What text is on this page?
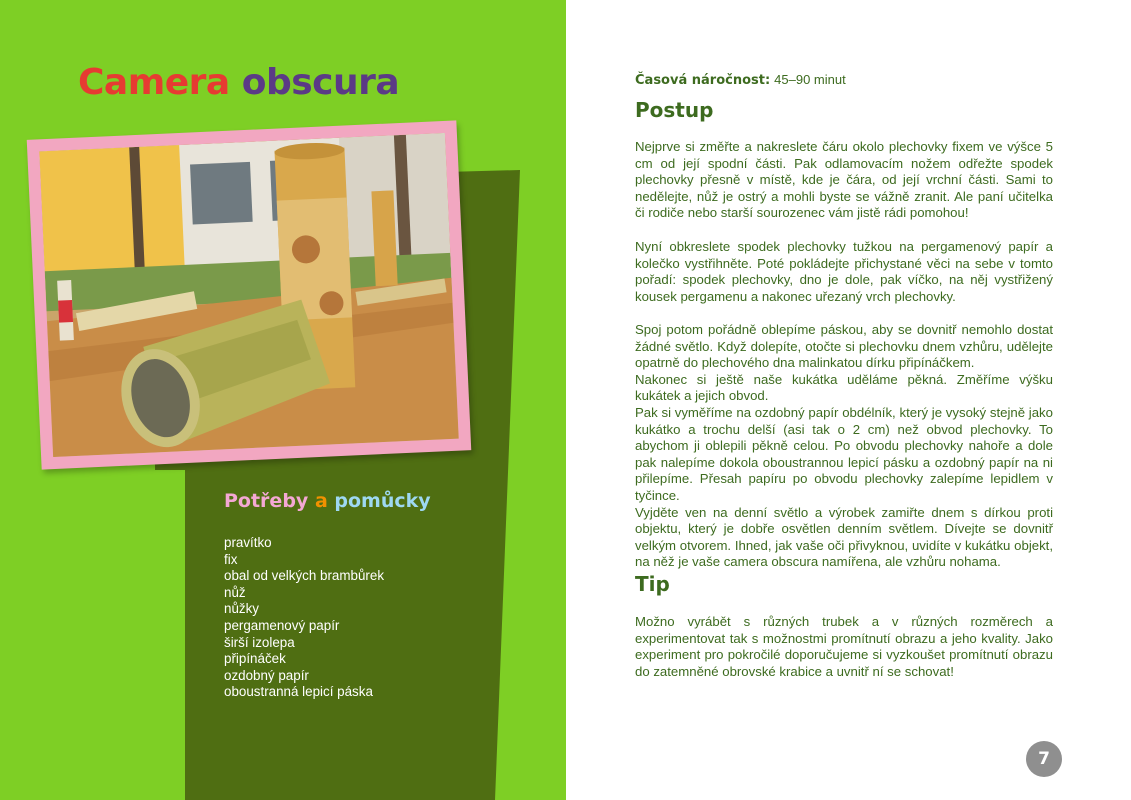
Camera obscura
Potřeby a pomůcky
pravítko
fix
obal od velkých brambůrek
nůž
nůžky
pergamenový papír
širší izolepa
připínáček
ozdobný papír
oboustranná lepicí páska

Časová náročnost: 45–90 minut

Postup

Nejprve si změřte a nakreslete čáru okolo plechovky fixem ve výšce 5 cm od její spodní části. Pak odlamovacím nožem odřežte spodek plechovky přesně v místě, kde je čára, od její vrchní části. Sami to nedělejte, nůž je ostrý a mohli byste se vážně zranit. Ale paní učitelka či rodiče nebo starší sourozenec vám jistě rádi pomohou!

Nyní obkreslete spodek plechovky tužkou na pergamenový papír a kolečko vystřihněte. Poté pokládejte přichystané věci na sebe v tomto pořadí: spodek plechovky, dno je dole, pak víčko, na něj vystřižený kousek pergamenu a nakonec uřezaný vrch plechovky.

Spoj potom pořádně oblepíme páskou, aby se dovnitř nemohlo dostat žádné světlo. Když dolepíte, otočte si plechovku dnem vzhůru, udělejte opatrně do plechového dna malinkatou dírku připínáčkem.
Nakonec si ještě naše kukátka uděláme pěkná. Změříme výšku kukátek a jejich obvod.
Pak si vyměříme na ozdobný papír obdélník, který je vysoký stejně jako kukátko a trochu delší (asi tak o 2 cm) než obvod plechovky. To abychom ji oblepili pěkně celou. Po obvodu plechovky nahoře a dole pak nalepíme dokola oboustrannou lepicí pásku a ozdobný papír na ni přilepíme. Přesah papíru po obvodu plechovky zalepíme lepidlem v tyčince.
Vyjděte ven na denní světlo a výrobek zamiřte dnem s dírkou proti objektu, který je dobře osvětlen denním světlem. Dívejte se dovnitř velkým otvorem. Ihned, jak vaše oči přivyknou, uvidíte v kukátku objekt, na něž je vaše camera obscura namířena, ale vzhůru nohama.

Tip

Možno vyrábět s různých trubek a v různých rozměrech a experimentovat tak s možnostmi promítnutí obrazu a jeho kvality. Jako experiment pro pokročilé doporučujeme si vyzkoušet promítnutí obrazu do zatemněné obrovské krabice a uvnitř ní se schovat!

7
